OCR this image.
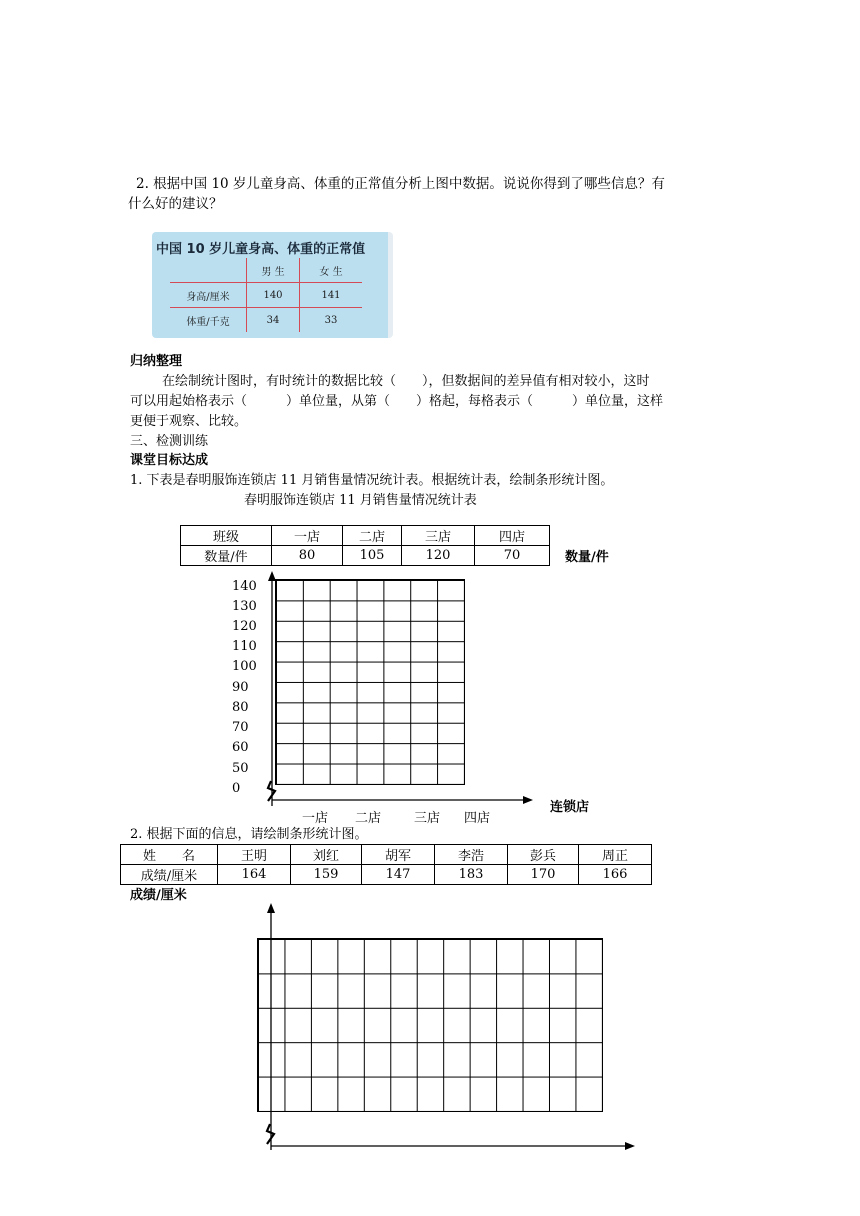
2. 根据中国 10 岁儿童身高、体重的正常值分析上图中数据。说说你得到了哪些信息？有
什么好的建议？
中国 10 岁儿童身高、体重的正常值
	男 生	女 生
身高/厘米	140	141
体重/千克	34	33
归纳整理
在绘制统计图时，有时统计的数据比较（　　），但数据间的差异值有相对较小，这时
可以用起始格表示（　　　）单位量，从第（　　）格起，每格表示（　　　）单位量，这样
更便于观察、比较。
三、检测训练
课堂目标达成
1. 下表是春明服饰连锁店 11 月销售量情况统计表。根据统计表，绘制条形统计图。
春明服饰连锁店 11 月销售量情况统计表
班级	一店	二店	三店	四店
数量/件	80	105	120	70	数量/件
140
130
120
110
100
90
80
70
60
50
0
一店 二店	三店 四店
连锁店
2. 根据下面的信息，请绘制条形统计图。
姓　　名	王明	刘红	胡军	李浩	彭兵	周正
成绩/厘米	164	159	147	183	170	166
成绩/厘米
